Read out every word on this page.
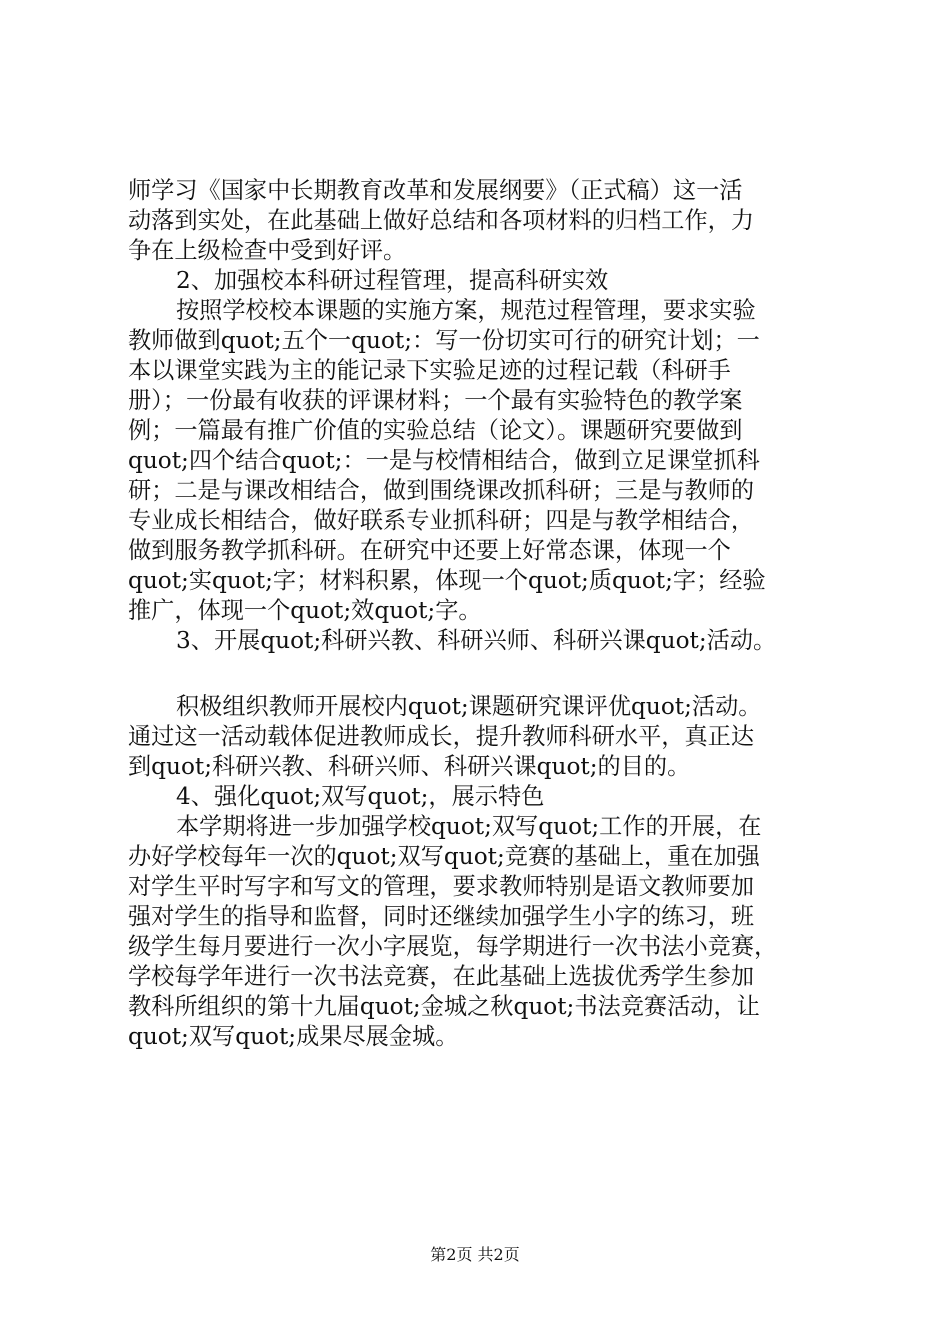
师学习《国家中长期教育改革和发展纲要》（正式稿）这一活
动落到实处，在此基础上做好总结和各项材料的归档工作，力
争在上级检查中受到好评。
2、加强校本科研过程管理，提高科研实效
按照学校校本课题的实施方案，规范过程管理，要求实验
教师做到quot;五个一quot;：写一份切实可行的研究计划；一
本以课堂实践为主的能记录下实验足迹的过程记载（科研手
册）；一份最有收获的评课材料；一个最有实验特色的教学案
例；一篇最有推广价值的实验总结（论文）。课题研究要做到
quot;四个结合quot;：一是与校情相结合，做到立足课堂抓科
研；二是与课改相结合，做到围绕课改抓科研；三是与教师的
专业成长相结合，做好联系专业抓科研；四是与教学相结合，
做到服务教学抓科研。在研究中还要上好常态课，体现一个
quot;实quot;字；材料积累，体现一个quot;质quot;字；经验
推广，体现一个quot;效quot;字。
3、开展quot;科研兴教、科研兴师、科研兴课quot;活动。
积极组织教师开展校内quot;课题研究课评优quot;活动。
通过这一活动载体促进教师成长，提升教师科研水平，真正达
到quot;科研兴教、科研兴师、科研兴课quot;的目的。
4、强化quot;双写quot;，展示特色
本学期将进一步加强学校quot;双写quot;工作的开展，在
办好学校每年一次的quot;双写quot;竞赛的基础上，重在加强
对学生平时写字和写文的管理，要求教师特别是语文教师要加
强对学生的指导和监督，同时还继续加强学生小字的练习，班
级学生每月要进行一次小字展览，每学期进行一次书法小竞赛，
学校每学年进行一次书法竞赛，在此基础上选拔优秀学生参加
教科所组织的第十九届quot;金城之秋quot;书法竞赛活动，让
quot;双写quot;成果尽展金城。
第2页 共2页
